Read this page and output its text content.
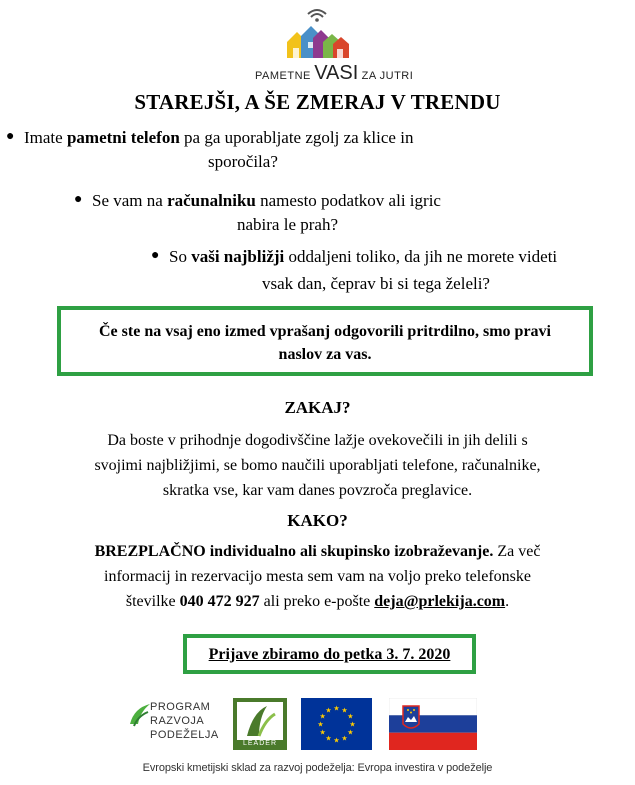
PAMETNE VASI ZA JUTRI
STAREJŠI, A ŠE ZMERAJ V TRENDU
● Imate pametni telefon pa ga uporabljate zgolj za klice in
sporočila?
● Se vam na računalniku namesto podatkov ali igric
nabira le prah?
● So vaši najbližji oddaljeni toliko, da jih ne morete videti
vsak dan, čeprav bi si tega želeli?
Če ste na vsaj eno izmed vprašanj odgovorili pritrdilno, smo pravi
naslov za vas.
ZAKAJ?
Da boste v prihodnje dogodivščine lažje ovekovečili in jih delili s
svojimi najbližjimi, se bomo naučili uporabljati telefone, računalnike,
skratka vse, kar vam danes povzroča preglavice.
KAKO?
BREZPLAČNO individualno ali skupinsko izobraževanje. Za več
informacij in rezervacijo mesta sem vam na voljo preko telefonske
številke 040 472 927 ali preko e-pošte deja@prlekija.com.
Prijave zbiramo do petka 3. 7. 2020
PROGRAM
RAZVOJA
PODEŽELJA
LEADER
★
★
★
★
★
★
★
★
★ ★ ★
★
Evropski kmetijski sklad za razvoj podeželja: Evropa investira v podeželje
